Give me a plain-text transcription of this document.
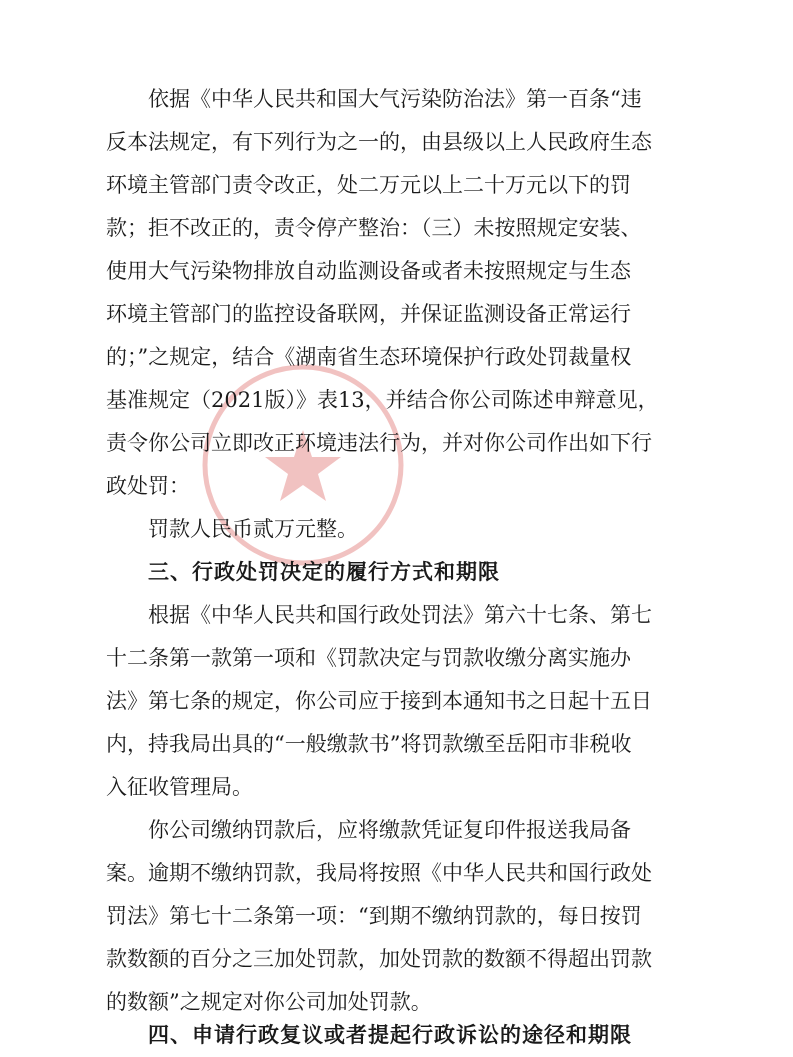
依据《中华人民共和国大气污染防治法》第一百条“违
反本法规定，有下列行为之一的，由县级以上人民政府生态
环境主管部门责令改正，处二万元以上二十万元以下的罚
款；拒不改正的，责令停产整治：（三）未按照规定安装、
使用大气污染物排放自动监测设备或者未按照规定与生态
环境主管部门的监控设备联网，并保证监测设备正常运行
的；”之规定，结合《湖南省生态环境保护行政处罚裁量权
基准规定（2021版）》表13，并结合你公司陈述申辩意见，
责令你公司立即改正环境违法行为，并对你公司作出如下行
政处罚：
罚款人民币贰万元整。
三、行政处罚决定的履行方式和期限
根据《中华人民共和国行政处罚法》第六十七条、第七
十二条第一款第一项和《罚款决定与罚款收缴分离实施办
法》第七条的规定，你公司应于接到本通知书之日起十五日
内，持我局出具的“一般缴款书”将罚款缴至岳阳市非税收
入征收管理局。
你公司缴纳罚款后，应将缴款凭证复印件报送我局备
案。逾期不缴纳罚款，我局将按照《中华人民共和国行政处
罚法》第七十二条第一项：“到期不缴纳罚款的，每日按罚
款数额的百分之三加处罚款，加处罚款的数额不得超出罚款
的数额”之规定对你公司加处罚款。
四、申请行政复议或者提起行政诉讼的途径和期限
